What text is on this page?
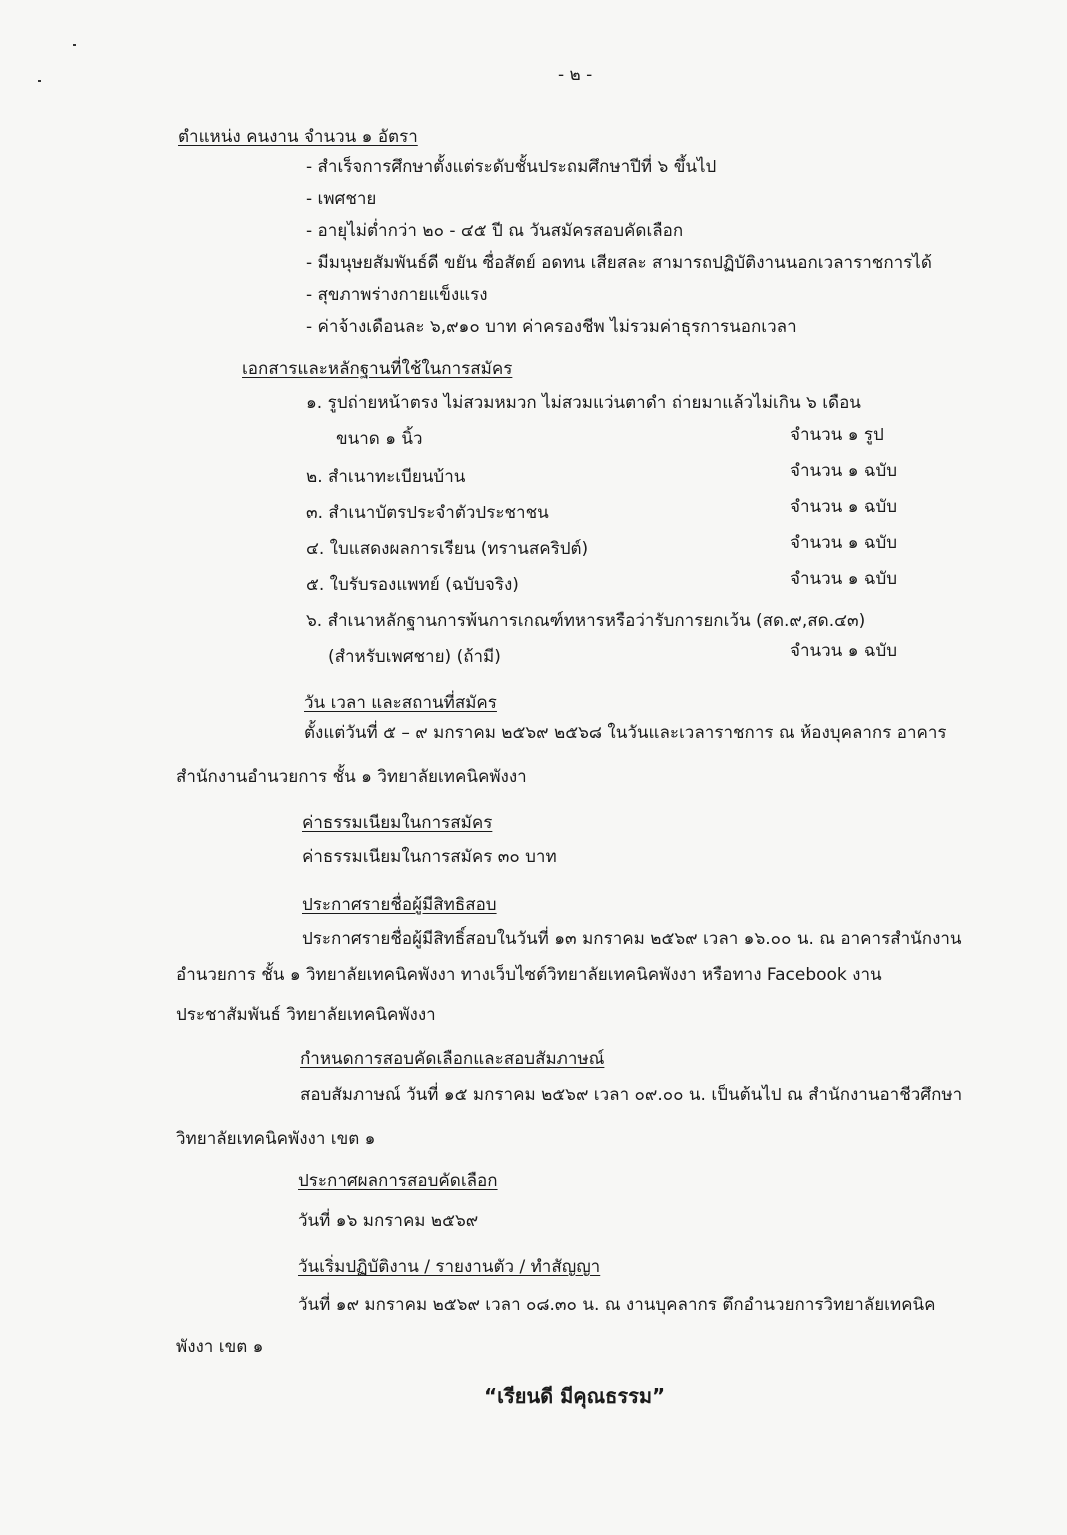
- ๒ -
ตำแหน่ง คนงาน จำนวน ๑ อัตรา
- สำเร็จการศึกษาตั้งแต่ระดับชั้นประถมศึกษาปีที่ ๖ ขึ้นไป
- เพศชาย
- อายุไม่ต่ำกว่า ๒๐ - ๔๕ ปี ณ วันสมัครสอบคัดเลือก
- มีมนุษยสัมพันธ์ดี ขยัน ซื่อสัตย์ อดทน เสียสละ สามารถปฏิบัติงานนอกเวลาราชการได้
- สุขภาพร่างกายแข็งแรง
- ค่าจ้างเดือนละ ๖,๙๑๐ บาท ค่าครองชีพ ไม่รวมค่าธุรการนอกเวลา
เอกสารและหลักฐานที่ใช้ในการสมัคร
๑. รูปถ่ายหน้าตรง ไม่สวมหมวก ไม่สวมแว่นตาดำ ถ่ายมาแล้วไม่เกิน ๖ เดือน
ขนาด ๑ นิ้ว	จำนวน ๑ รูป
๒. สำเนาทะเบียนบ้าน	จำนวน ๑ ฉบับ
๓. สำเนาบัตรประจำตัวประชาชน	จำนวน ๑ ฉบับ
๔. ใบแสดงผลการเรียน (ทรานสคริปต์)	จำนวน ๑ ฉบับ
๕. ใบรับรองแพทย์ (ฉบับจริง)	จำนวน ๑ ฉบับ
๖. สำเนาหลักฐานการพ้นการเกณฑ์ทหารหรือว่ารับการยกเว้น (สด.๙,สด.๔๓)
(สำหรับเพศชาย) (ถ้ามี)	จำนวน ๑ ฉบับ
วัน เวลา และสถานที่สมัคร
ตั้งแต่วันที่ ๕ – ๙ มกราคม ๒๕๖๙ ๒๕๖๘ ในวันและเวลาราชการ ณ ห้องบุคลากร อาคาร
สำนักงานอำนวยการ ชั้น ๑ วิทยาลัยเทคนิคพังงา
ค่าธรรมเนียมในการสมัคร
ค่าธรรมเนียมในการสมัคร ๓๐ บาท
ประกาศรายชื่อผู้มีสิทธิสอบ
ประกาศรายชื่อผู้มีสิทธิ์สอบในวันที่ ๑๓ มกราคม ๒๕๖๙ เวลา ๑๖.๐๐ น. ณ อาคารสำนักงาน
อำนวยการ ชั้น ๑ วิทยาลัยเทคนิคพังงา ทางเว็บไซต์วิทยาลัยเทคนิคพังงา หรือทาง Facebook งาน
ประชาสัมพันธ์ วิทยาลัยเทคนิคพังงา
กำหนดการสอบคัดเลือกและสอบสัมภาษณ์
สอบสัมภาษณ์ วันที่ ๑๕ มกราคม ๒๕๖๙ เวลา ๐๙.๐๐ น. เป็นต้นไป ณ สำนักงานอาชีวศึกษา
วิทยาลัยเทคนิคพังงา เขต ๑
ประกาศผลการสอบคัดเลือก
วันที่ ๑๖ มกราคม ๒๕๖๙
วันเริ่มปฏิบัติงาน / รายงานตัว / ทำสัญญา
วันที่ ๑๙ มกราคม ๒๕๖๙ เวลา ๐๘.๓๐ น. ณ งานบุคลากร ตึกอำนวยการวิทยาลัยเทคนิค
พังงา เขต ๑
“เรียนดี มีคุณธรรม”
